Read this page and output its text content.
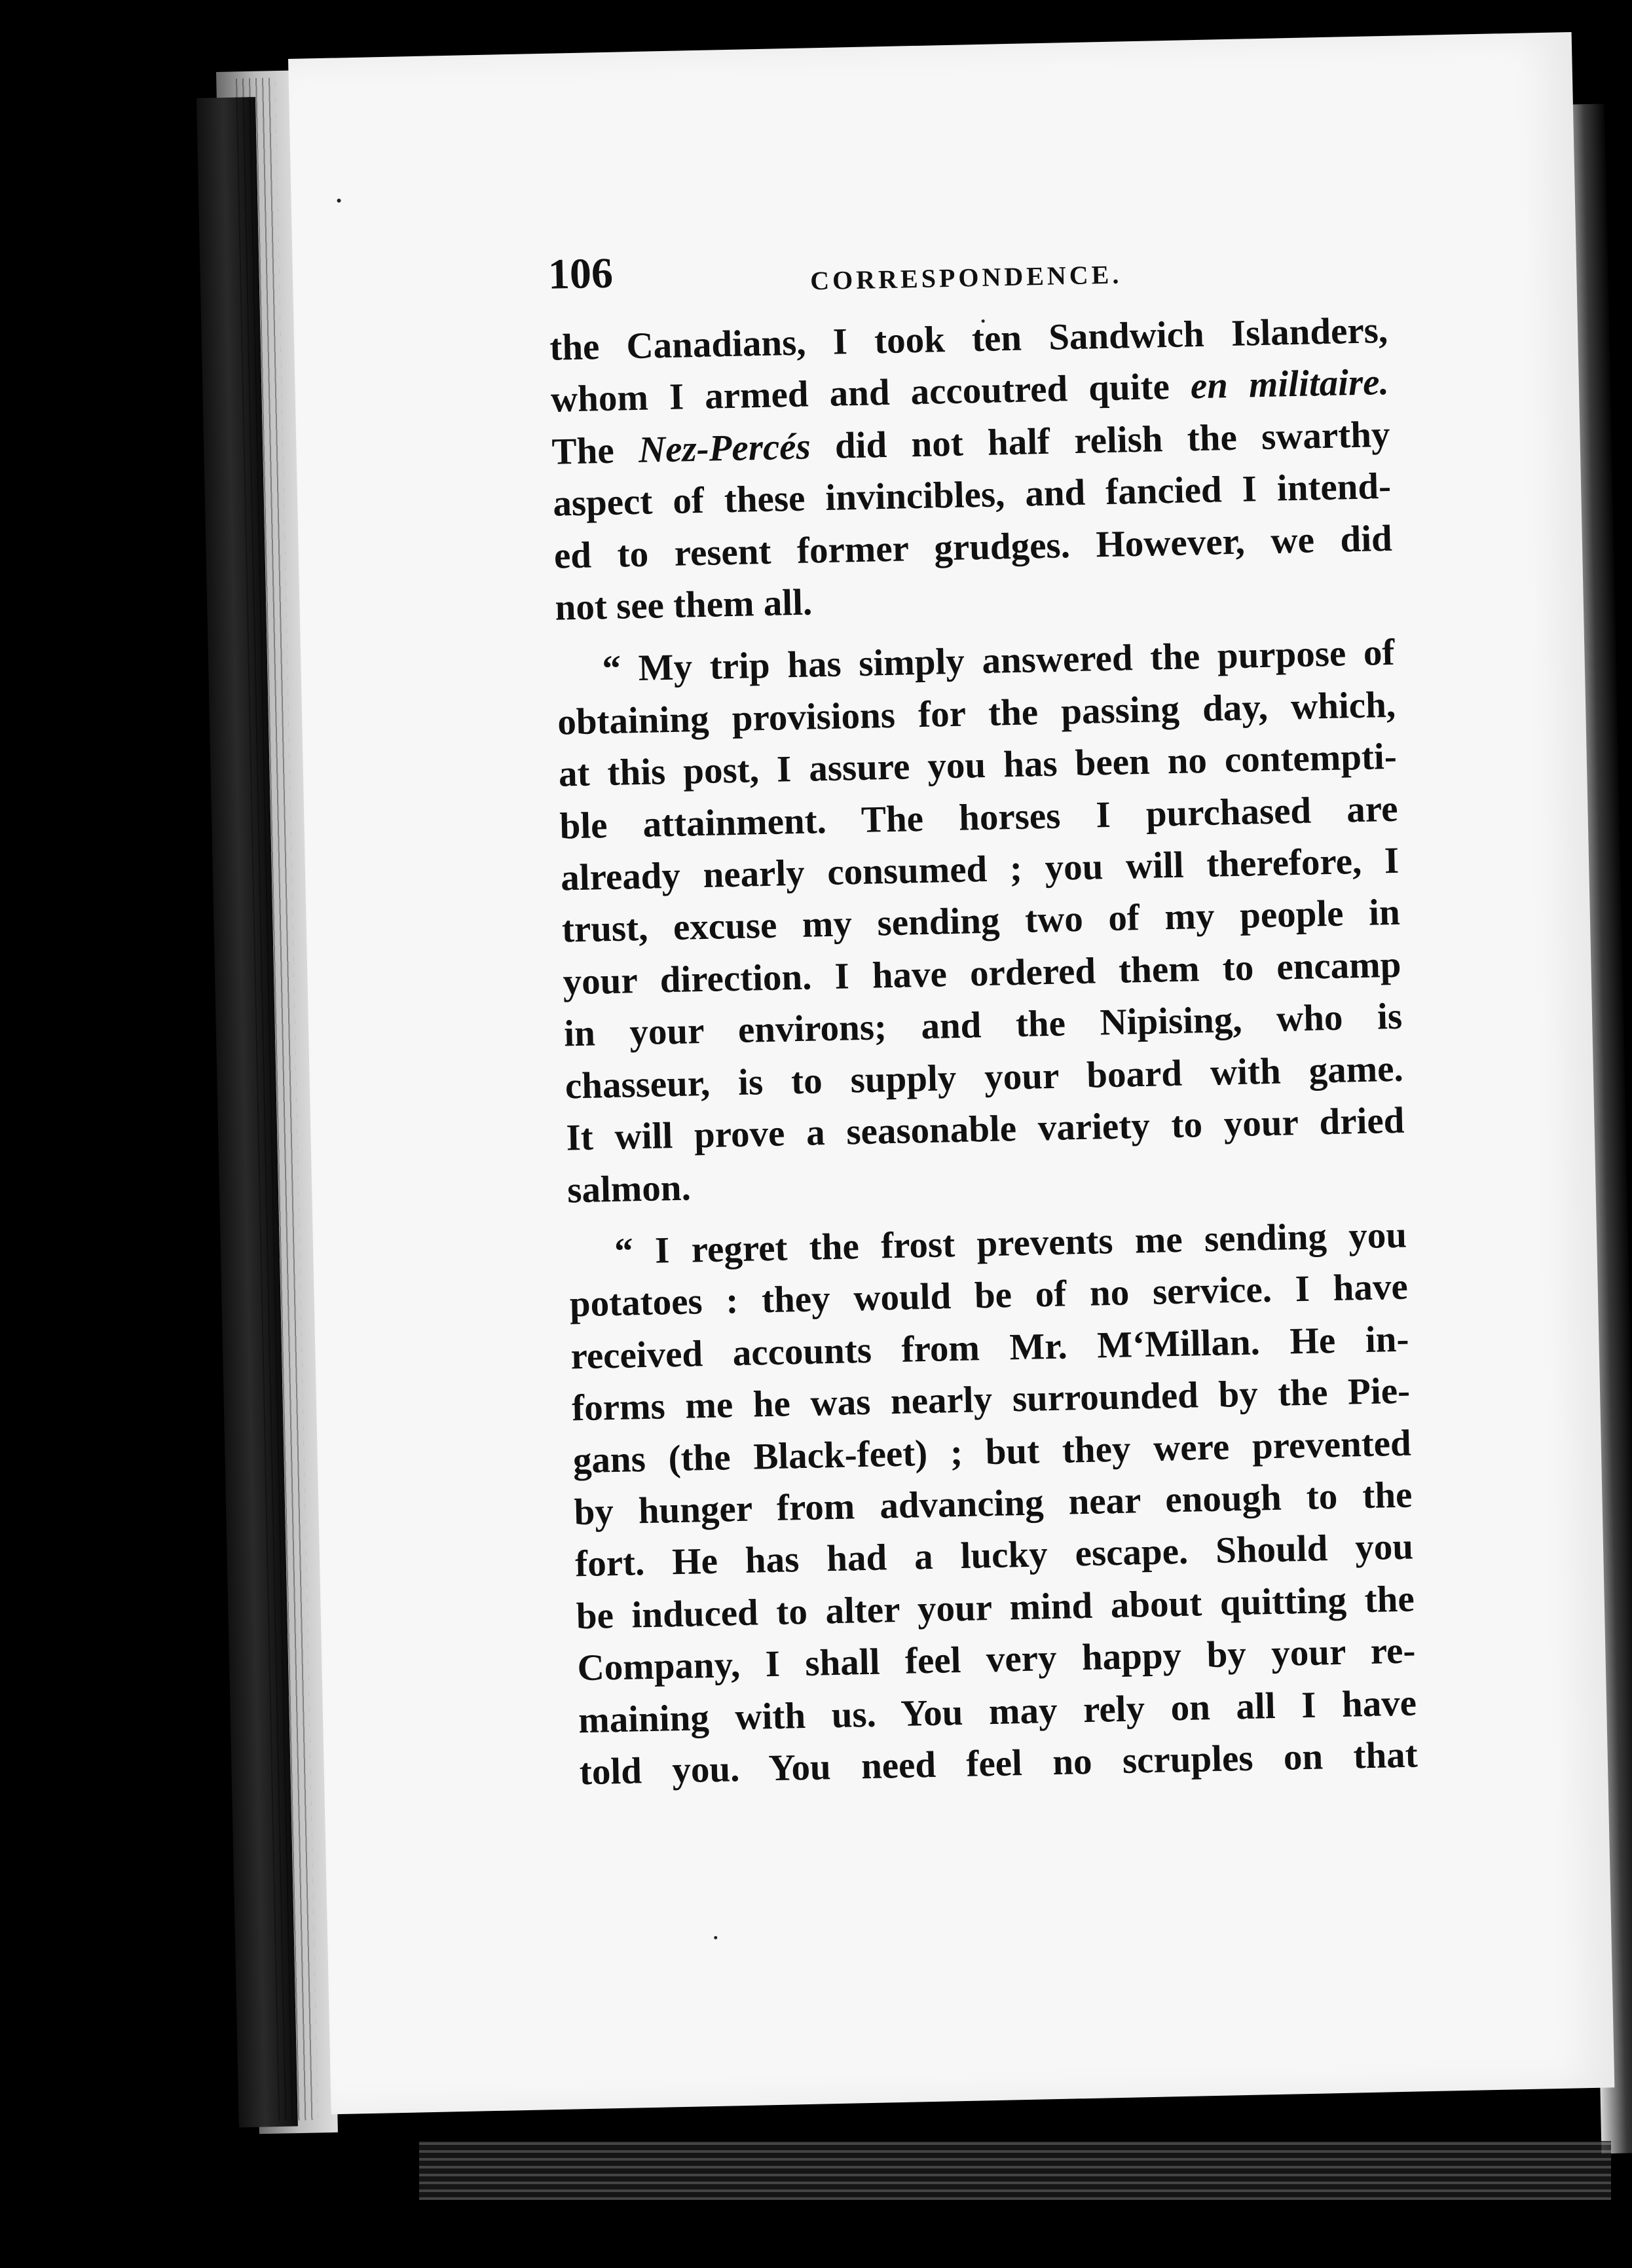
106	CORRESPONDENCE.
the Canadians, I took ten Sandwich Islanders,
whom I armed and accoutred quite en militaire.
The Nez-Percés did not half relish the swarthy
aspect of these invincibles, and fancied I intend-
ed to resent former grudges. However, we did
not see them all.
“ My trip has simply answered the purpose of
obtaining provisions for the passing day, which,
at this post, I assure you has been no contempti-
ble attainment. The horses I purchased are
already nearly consumed ; you will therefore, I
trust, excuse my sending two of my people in
your direction. I have ordered them to encamp
in your environs; and the Nipising, who is
chasseur, is to supply your board with game.
It will prove a seasonable variety to your dried
salmon.
“ I regret the frost prevents me sending you
potatoes : they would be of no service. I have
received accounts from Mr. M‘Millan. He in-
forms me he was nearly surrounded by the Pie-
gans (the Black-feet) ; but they were prevented
by hunger from advancing near enough to the
fort. He has had a lucky escape. Should you
be induced to alter your mind about quitting the
Company, I shall feel very happy by your re-
maining with us. You may rely on all I have
told you. You need feel no scruples on that
